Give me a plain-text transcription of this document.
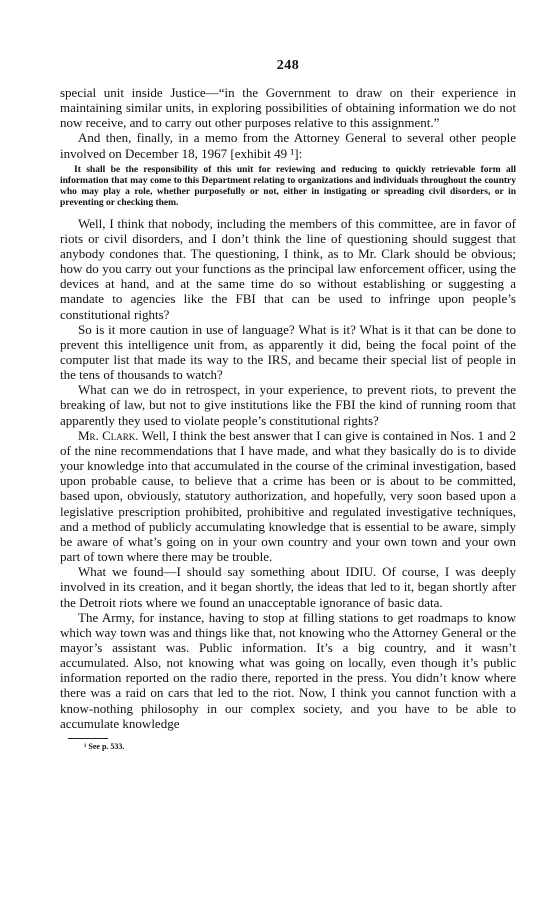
248

special unit inside Justice—“in the Government to draw on their experience in maintaining similar units, in exploring possibilities of obtaining information we do not now receive, and to carry out other purposes relative to this assignment.”

And then, finally, in a memo from the Attorney General to several other people involved on December 18, 1967 [exhibit 49 ¹]:

It shall be the responsibility of this unit for reviewing and reducing to quickly retrievable form all information that may come to this Department relating to organizations and individuals throughout the country who may play a role, whether purposefully or not, either in instigating or spreading civil disorders, or in preventing or checking them.

Well, I think that nobody, including the members of this committee, are in favor of riots or civil disorders, and I don’t think the line of questioning should suggest that anybody condones that. The questioning, I think, as to Mr. Clark should be obvious; how do you carry out your functions as the principal law enforcement officer, using the devices at hand, and at the same time do so without establishing or suggesting a mandate to agencies like the FBI that can be used to infringe upon people’s constitutional rights?

So is it more caution in use of language? What is it? What is it that can be done to prevent this intelligence unit from, as apparently it did, being the focal point of the computer list that made its way to the IRS, and became their special list of people in the tens of thousands to watch?

What can we do in retrospect, in your experience, to prevent riots, to prevent the breaking of law, but not to give institutions like the FBI the kind of running room that apparently they used to violate people’s constitutional rights?

Mr. Clark. Well, I think the best answer that I can give is contained in Nos. 1 and 2 of the nine recommendations that I have made, and what they basically do is to divide your knowledge into that accumulated in the course of the criminal investigation, based upon probable cause, to believe that a crime has been or is about to be committed, based upon, obviously, statutory authorization, and hopefully, very soon based upon a legislative prescription prohibited, prohibitive and regulated investigative techniques, and a method of publicly accumulating knowledge that is essential to be aware, simply be aware of what’s going on in your own country and your own town and your own part of town where there may be trouble.

What we found—I should say something about IDIU. Of course, I was deeply involved in its creation, and it began shortly, the ideas that led to it, began shortly after the Detroit riots where we found an unacceptable ignorance of basic data.

The Army, for instance, having to stop at filling stations to get roadmaps to know which way town was and things like that, not knowing who the Attorney General or the mayor’s assistant was. Public information. It’s a big country, and it wasn’t accumulated. Also, not knowing what was going on locally, even though it’s public information reported on the radio there, reported in the press. You didn’t know where there was a raid on cars that led to the riot. Now, I think you cannot function with a know-nothing philosophy in our complex society, and you have to be able to accumulate knowledge

¹ See p. 533.
